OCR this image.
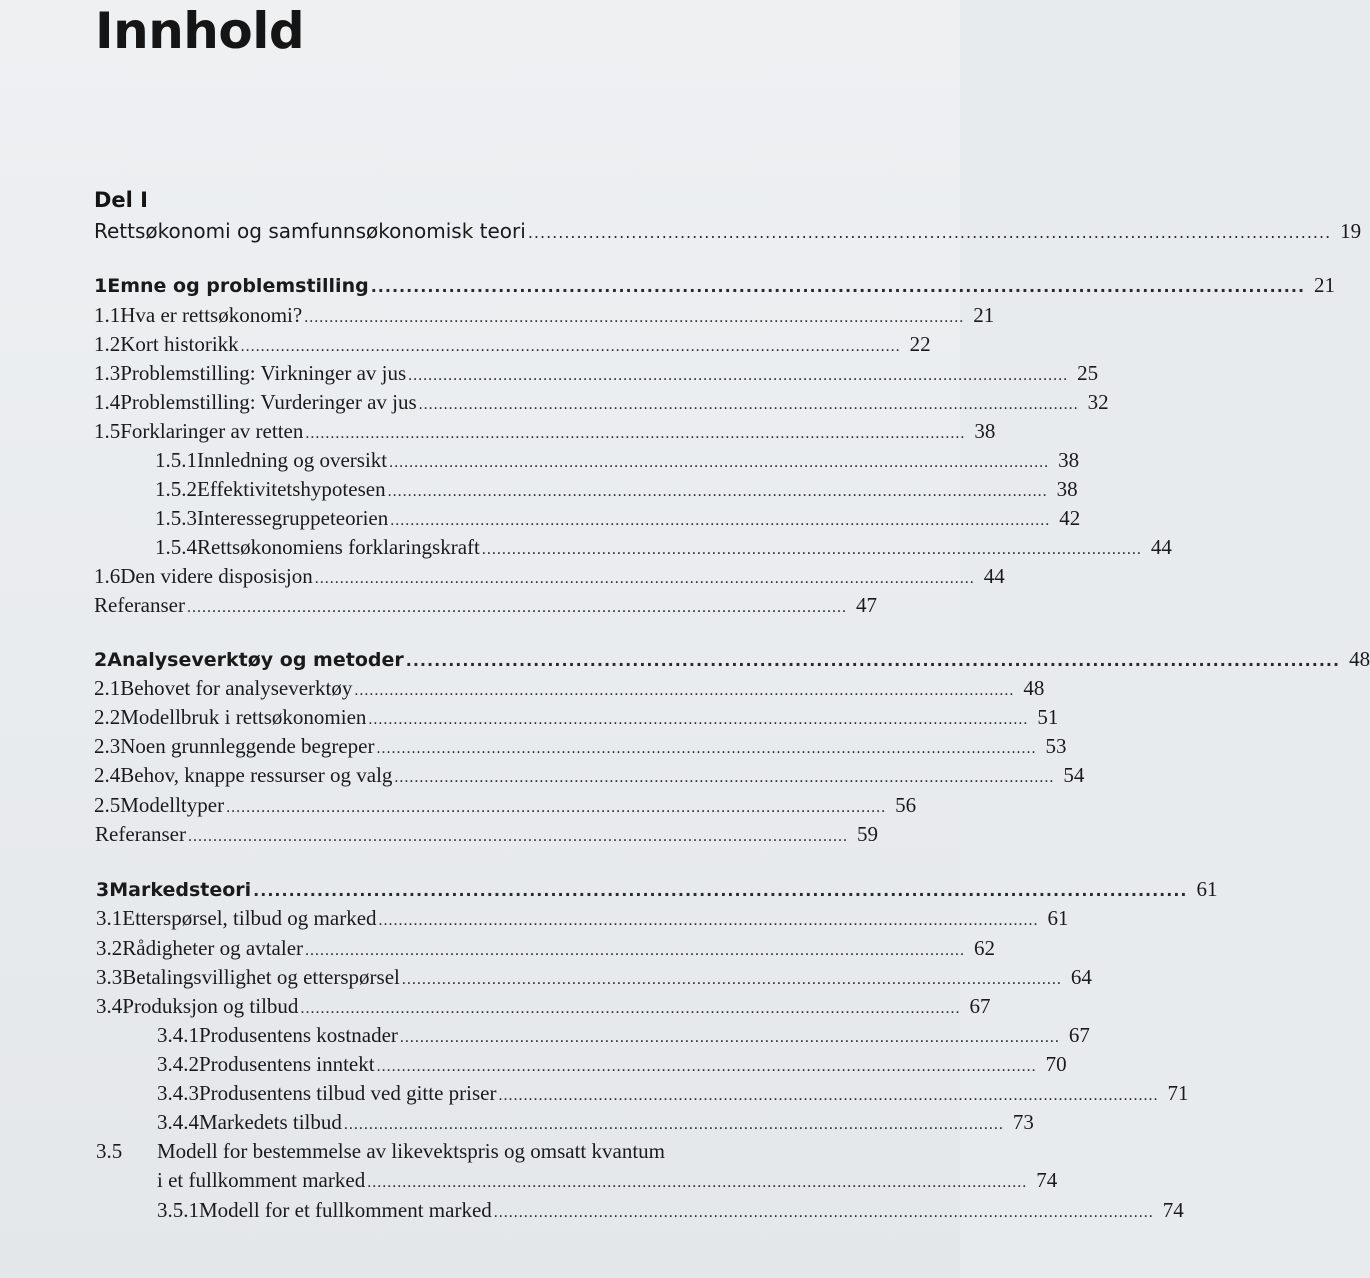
Innhold
Del I
Rettsøkonomi og samfunnsøkonomisk teori .................................................................................................................................... 19
1 Emne og problemstilling .................................................................................................................................... 21
1.1 Hva er rettsøkonomi? .................................................................................................................................... 21
1.2 Kort historikk .................................................................................................................................... 22
1.3 Problemstilling: Virkninger av jus .................................................................................................................................... 25
1.4 Problemstilling: Vurderinger av jus .................................................................................................................................... 32
1.5 Forklaringer av retten .................................................................................................................................... 38
1.5.1 Innledning og oversikt .................................................................................................................................... 38
1.5.2 Effektivitetshypotesen .................................................................................................................................... 38
1.5.3 Interessegruppeteorien .................................................................................................................................... 42
1.5.4 Rettsøkonomiens forklaringskraft .................................................................................................................................... 44
1.6 Den videre disposisjon .................................................................................................................................... 44
Referanser .................................................................................................................................... 47
2 Analyseverktøy og metoder .................................................................................................................................... 48
2.1 Behovet for analyseverktøy .................................................................................................................................... 48
2.2 Modellbruk i rettsøkonomien .................................................................................................................................... 51
2.3 Noen grunnleggende begreper .................................................................................................................................... 53
2.4 Behov, knappe ressurser og valg .................................................................................................................................... 54
2.5 Modelltyper .................................................................................................................................... 56
Referanser .................................................................................................................................... 59
3 Markedsteori .................................................................................................................................... 61
3.1 Etterspørsel, tilbud og marked .................................................................................................................................... 61
3.2 Rådigheter og avtaler .................................................................................................................................... 62
3.3 Betalingsvillighet og etterspørsel .................................................................................................................................... 64
3.4 Produksjon og tilbud .................................................................................................................................... 67
3.4.1 Produsentens kostnader .................................................................................................................................... 67
3.4.2 Produsentens inntekt .................................................................................................................................... 70
3.4.3 Produsentens tilbud ved gitte priser .................................................................................................................................... 71
3.4.4 Markedets tilbud .................................................................................................................................... 73
3.5 Modell for bestemmelse av likevektspris og omsatt kvantum
i et fullkomment marked .................................................................................................................................... 74
3.5.1 Modell for et fullkomment marked .................................................................................................................................... 74
